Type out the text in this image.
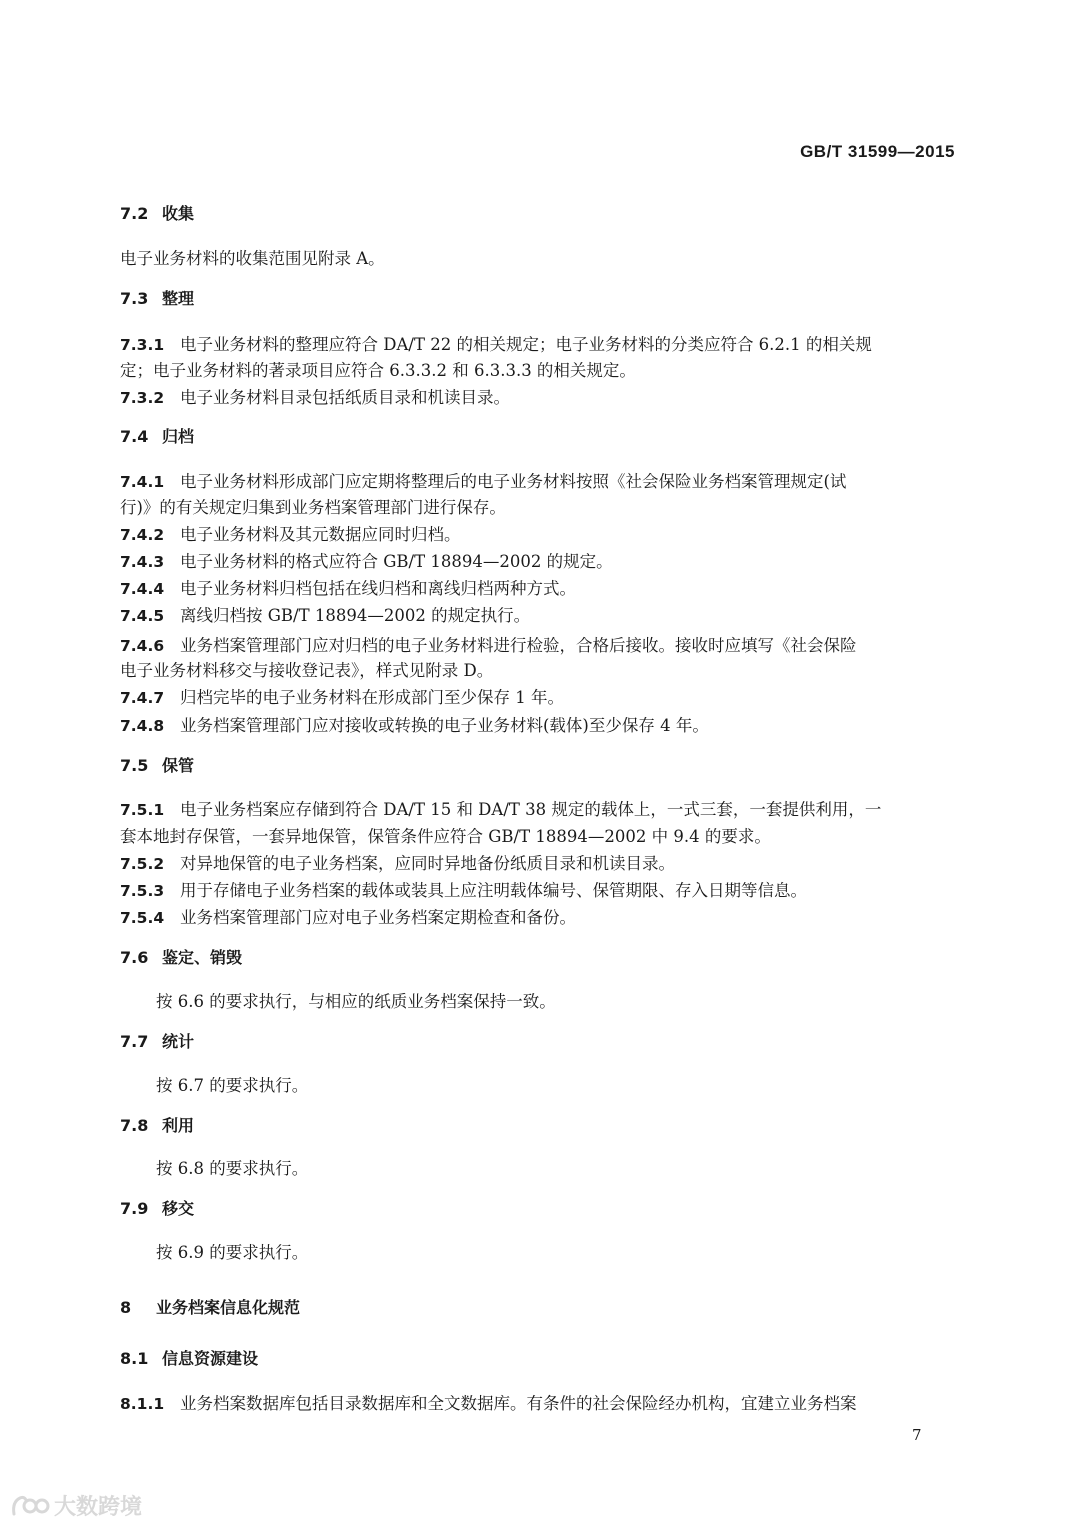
GB/T 31599—2015
7.2 收集
电子业务材料的收集范围见附录 A。
7.3 整理
7.3.1 电子业务材料的整理应符合 DA/T 22 的相关规定；电子业务材料的分类应符合 6.2.1 的相关规
定；电子业务材料的著录项目应符合 6.3.3.2 和 6.3.3.3 的相关规定。
7.3.2 电子业务材料目录包括纸质目录和机读目录。
7.4 归档
7.4.1 电子业务材料形成部门应定期将整理后的电子业务材料按照《社会保险业务档案管理规定(试
行)》的有关规定归集到业务档案管理部门进行保存。
7.4.2 电子业务材料及其元数据应同时归档。
7.4.3 电子业务材料的格式应符合 GB/T 18894—2002 的规定。
7.4.4 电子业务材料归档包括在线归档和离线归档两种方式。
7.4.5 离线归档按 GB/T 18894—2002 的规定执行。
7.4.6 业务档案管理部门应对归档的电子业务材料进行检验，合格后接收。接收时应填写《社会保险
电子业务材料移交与接收登记表》，样式见附录 D。
7.4.7 归档完毕的电子业务材料在形成部门至少保存 1 年。
7.4.8 业务档案管理部门应对接收或转换的电子业务材料(载体)至少保存 4 年。
7.5 保管
7.5.1 电子业务档案应存储到符合 DA/T 15 和 DA/T 38 规定的载体上，一式三套，一套提供利用，一
套本地封存保管，一套异地保管，保管条件应符合 GB/T 18894—2002 中 9.4 的要求。
7.5.2 对异地保管的电子业务档案，应同时异地备份纸质目录和机读目录。
7.5.3 用于存储电子业务档案的载体或装具上应注明载体编号、保管期限、存入日期等信息。
7.5.4 业务档案管理部门应对电子业务档案定期检查和备份。
7.6 鉴定、销毁
按 6.6 的要求执行，与相应的纸质业务档案保持一致。
7.7 统计
按 6.7 的要求执行。
7.8 利用
按 6.8 的要求执行。
7.9 移交
按 6.9 的要求执行。
8 业务档案信息化规范
8.1 信息资源建设
8.1.1 业务档案数据库包括目录数据库和全文数据库。有条件的社会保险经办机构，宜建立业务档案
7
大数跨境
